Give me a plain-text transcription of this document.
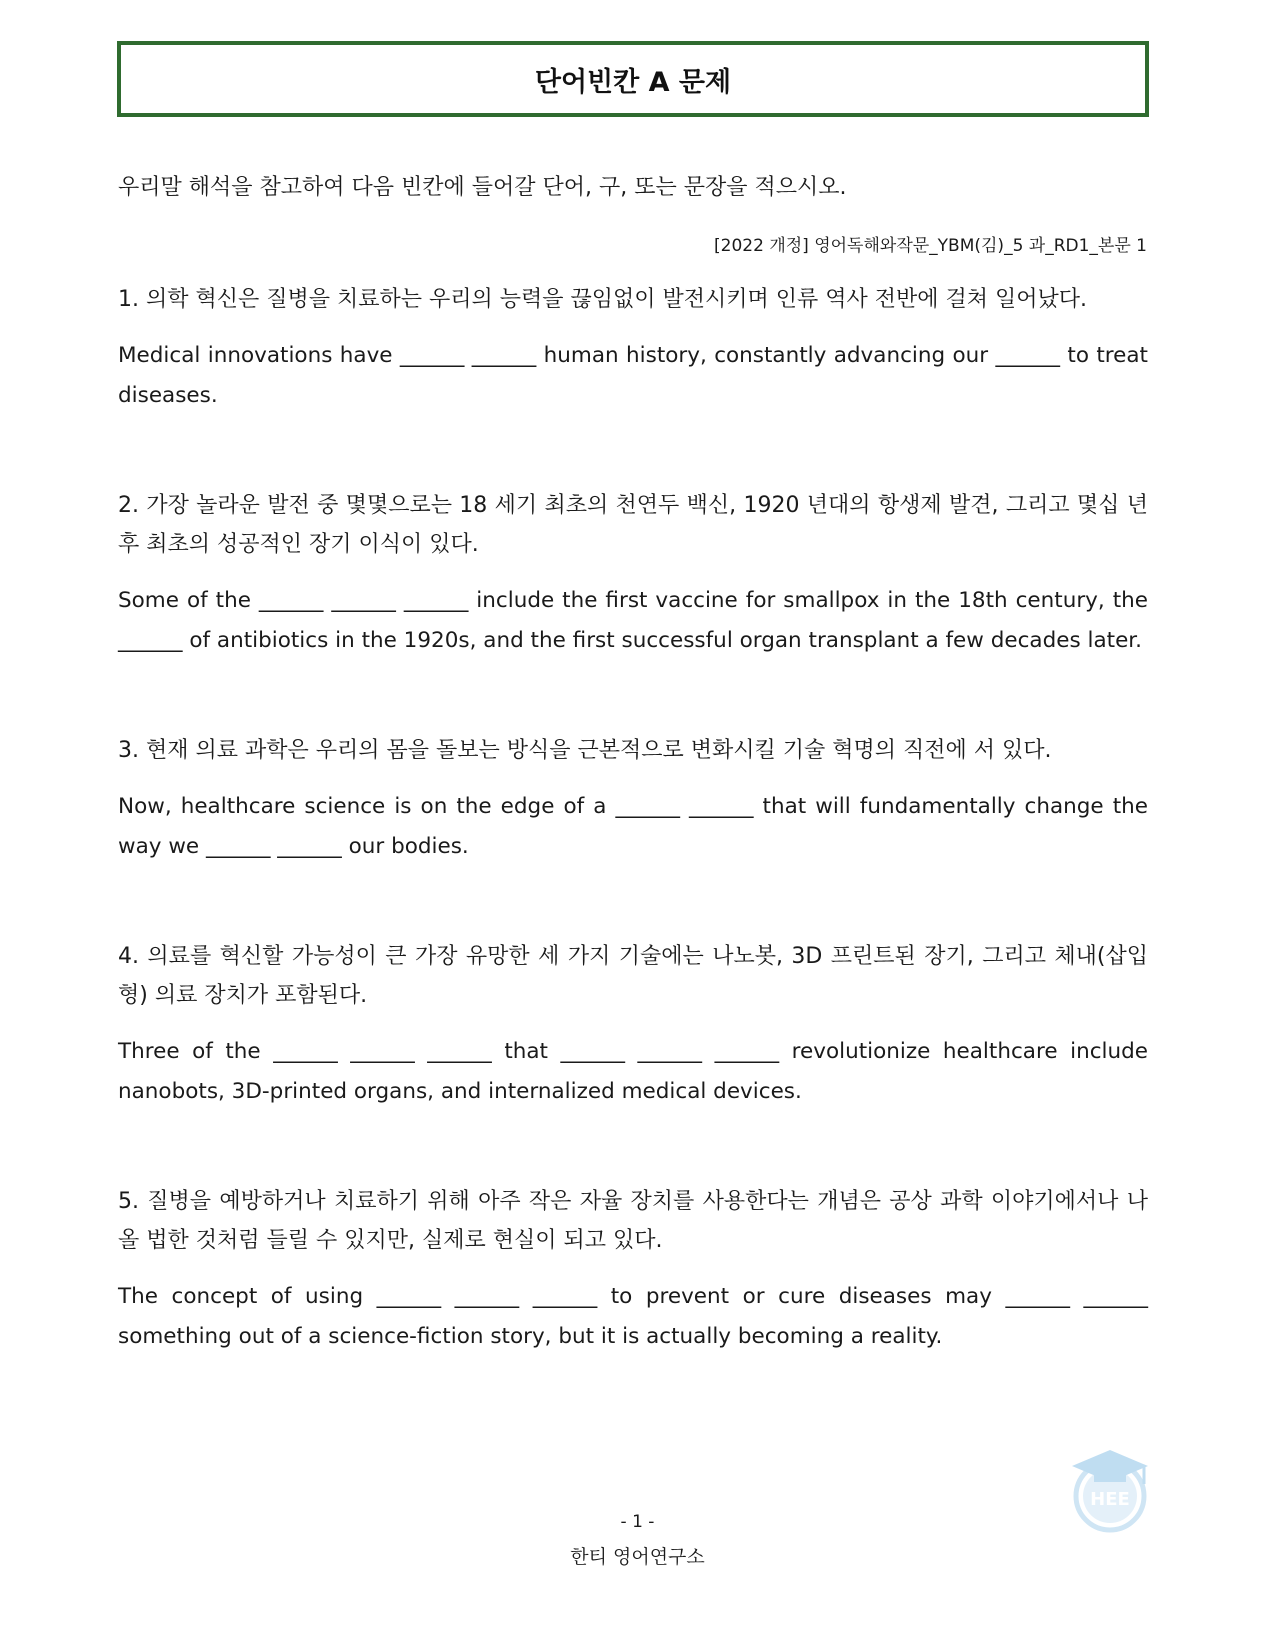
단어빈칸 A 문제

우리말 해석을 참고하여 다음 빈칸에 들어갈 단어, 구, 또는 문장을 적으시오.

[2022 개정] 영어독해와작문_YBM(김)_5 과_RD1_본문 1

1. 의학 혁신은 질병을 치료하는 우리의 능력을 끊임없이 발전시키며 인류 역사 전반에 걸쳐 일어났다.

Medical innovations have ______ ______ human history, constantly advancing our ______ to treat diseases.

2. 가장 놀라운 발전 중 몇몇으로는 18 세기 최초의 천연두 백신, 1920 년대의 항생제 발견, 그리고 몇십 년 후 최초의 성공적인 장기 이식이 있다.

Some of the ______ ______ ______ include the first vaccine for smallpox in the 18th century, the ______ of antibiotics in the 1920s, and the first successful organ transplant a few decades later.

3. 현재 의료 과학은 우리의 몸을 돌보는 방식을 근본적으로 변화시킬 기술 혁명의 직전에 서 있다.

Now, healthcare science is on the edge of a ______ ______ that will fundamentally change the way we ______ ______ our bodies.

4. 의료를 혁신할 가능성이 큰 가장 유망한 세 가지 기술에는 나노봇, 3D 프린트된 장기, 그리고 체내(삽입형) 의료 장치가 포함된다.

Three of the ______ ______ ______ that ______ ______ ______ revolutionize healthcare include nanobots, 3D-printed organs, and internalized medical devices.

5. 질병을 예방하거나 치료하기 위해 아주 작은 자율 장치를 사용한다는 개념은 공상 과학 이야기에서나 나올 법한 것처럼 들릴 수 있지만, 실제로 현실이 되고 있다.

The concept of using ______ ______ ______ to prevent or cure diseases may ______ ______ something out of a science-fiction story, but it is actually becoming a reality.

HEE

- 1 -

한티 영어연구소
